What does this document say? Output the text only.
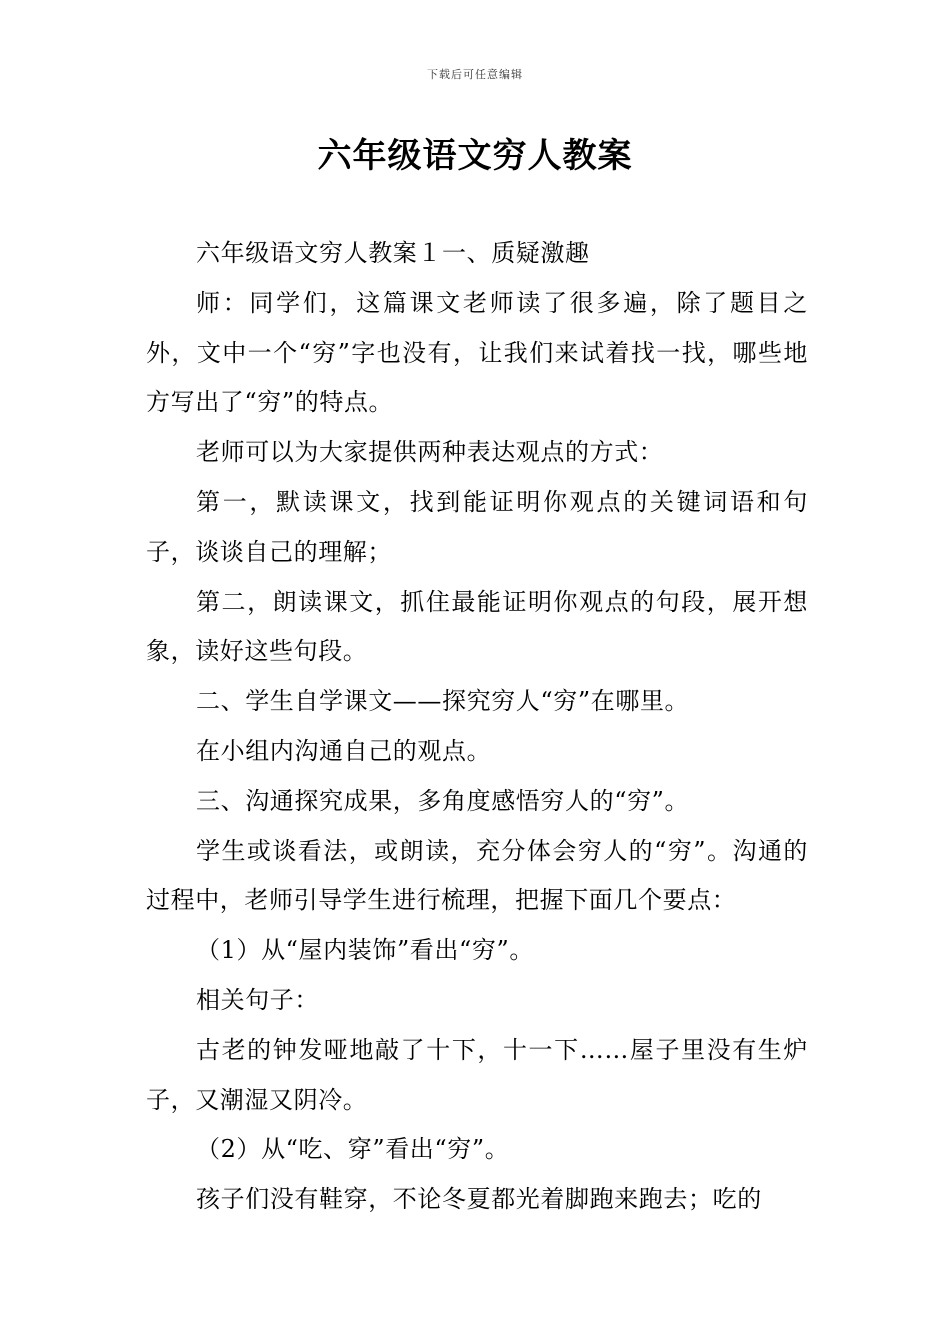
下载后可任意编辑
六年级语文穷人教案

六年级语文穷人教案１一、质疑激趣

师：同学们，这篇课文老师读了很多遍，除了题目之外，文中一个“穷”字也没有，让我们来试着找一找，哪些地方写出了“穷”的特点。

老师可以为大家提供两种表达观点的方式：

第一，默读课文，找到能证明你观点的关键词语和句子，谈谈自己的理解；

第二，朗读课文，抓住最能证明你观点的句段，展开想象，读好这些句段。

二、学生自学课文——探究穷人“穷”在哪里。

在小组内沟通自己的观点。

三、沟通探究成果，多角度感悟穷人的“穷”。

学生或谈看法，或朗读，充分体会穷人的“穷”。沟通的过程中，老师引导学生进行梳理，把握下面几个要点：

（1）从“屋内装饰”看出“穷”。

相关句子：

古老的钟发哑地敲了十下，十一下……屋子里没有生炉子，又潮湿又阴冷。

（2）从“吃、穿”看出“穷”。

孩子们没有鞋穿，不论冬夏都光着脚跑来跑去；吃的
